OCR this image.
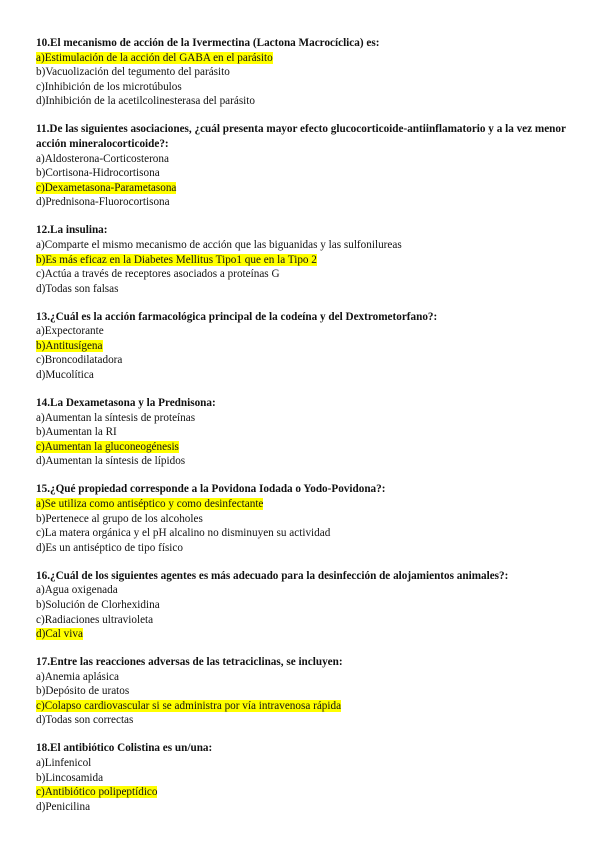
10.El mecanismo de acción de la Ivermectina (Lactona Macrocíclica) es:
a)Estimulación de la acción del GABA en el parásito
b)Vacuolización del tegumento del parásito
c)Inhibición de los microtúbulos
d)Inhibición de la acetilcolinesterasa del parásito
11.De las siguientes asociaciones, ¿cuál presenta mayor efecto glucocorticoide-antiinflamatorio y a la vez menor acción mineralocorticoide?:
a)Aldosterona-Corticosterona
b)Cortisona-Hidrocortisona
c)Dexametasona-Parametasona
d)Prednisona-Fluorocortisona
12.La insulina:
a)Comparte el mismo mecanismo de acción que las biguanidas y las sulfonilureas
b)Es más eficaz en la Diabetes Mellitus Tipo1 que en la Tipo 2
c)Actúa a través de receptores asociados a proteínas G
d)Todas son falsas
13.¿Cuál es la acción farmacológica principal de la codeína y del Dextrometorfano?:
a)Expectorante
b)Antitusígena
c)Broncodilatadora
d)Mucolítica
14.La Dexametasona y la Prednisona:
a)Aumentan la síntesis de proteínas
b)Aumentan la RI
c)Aumentan la gluconeogénesis
d)Aumentan la síntesis de lípidos
15.¿Qué propiedad corresponde a la Povidona Iodada o Yodo-Povidona?:
a)Se utiliza como antiséptico y como desinfectante
b)Pertenece al grupo de los alcoholes
c)La matera orgánica y el pH alcalino no disminuyen su actividad
d)Es un antiséptico de tipo físico
16.¿Cuál de los siguientes agentes es más adecuado para la desinfección de alojamientos animales?:
a)Agua oxigenada
b)Solución de Clorhexidina
c)Radiaciones ultravioleta
d)Cal viva
17.Entre las reacciones adversas de las tetraciclinas, se incluyen:
a)Anemia aplásica
b)Depósito de uratos
c)Colapso cardiovascular si se administra por vía intravenosa rápida
d)Todas son correctas
18.El antibiótico Colistina es un/una:
a)Linfenicol
b)Lincosamida
c)Antibiótico polipeptídico
d)Penicilina
